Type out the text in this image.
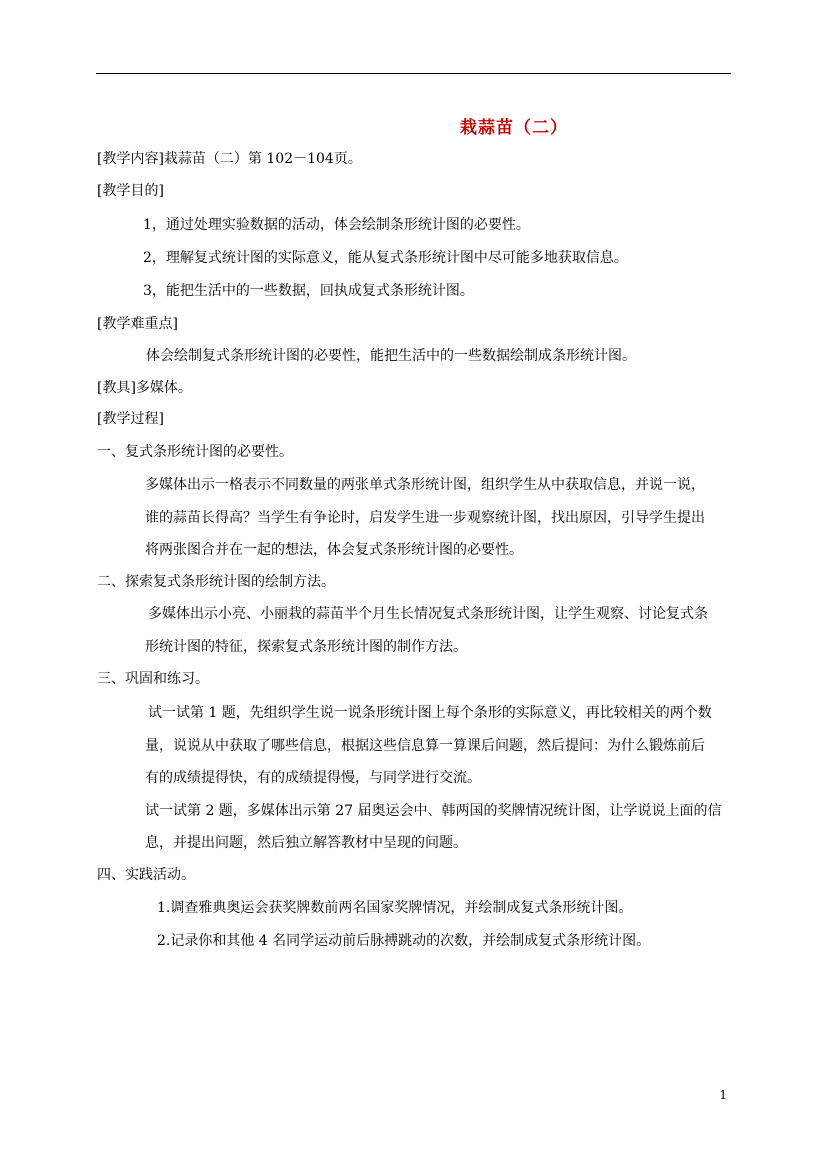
栽蒜苗（二）
[教学内容]栽蒜苗（二）第 102－104页。
[教学目的]
1，通过处理实验数据的活动，体会绘制条形统计图的必要性。
2，理解复式统计图的实际意义，能从复式条形统计图中尽可能多地获取信息。
3，能把生活中的一些数据，回执成复式条形统计图。
[教学难重点]
体会绘制复式条形统计图的必要性，能把生活中的一些数据绘制成条形统计图。
[教具]多媒体。
[教学过程]
一、复式条形统计图的必要性。
多媒体出示一格表示不同数量的两张单式条形统计图，组织学生从中获取信息，并说一说，
谁的蒜苗长得高？当学生有争论时，启发学生进一步观察统计图，找出原因，引导学生提出
将两张图合并在一起的想法，体会复式条形统计图的必要性。
二、探索复式条形统计图的绘制方法。
多媒体出示小亮、小丽栽的蒜苗半个月生长情况复式条形统计图，让学生观察、讨论复式条
形统计图的特征，探索复式条形统计图的制作方法。
三、巩固和练习。
试一试第 1 题，先组织学生说一说条形统计图上每个条形的实际意义，再比较相关的两个数
量，说说从中获取了哪些信息，根据这些信息算一算课后问题，然后提问：为什么锻炼前后
有的成绩提得快，有的成绩提得慢，与同学进行交流。
试一试第 2 题，多媒体出示第 27 届奥运会中、韩两国的奖牌情况统计图，让学说说上面的信
息，并提出问题，然后独立解答教材中呈现的问题。
四、实践活动。
1.调查雅典奥运会获奖牌数前两名国家奖牌情况，并绘制成复式条形统计图。
2.记录你和其他 4 名同学运动前后脉搏跳动的次数，并绘制成复式条形统计图。
1
